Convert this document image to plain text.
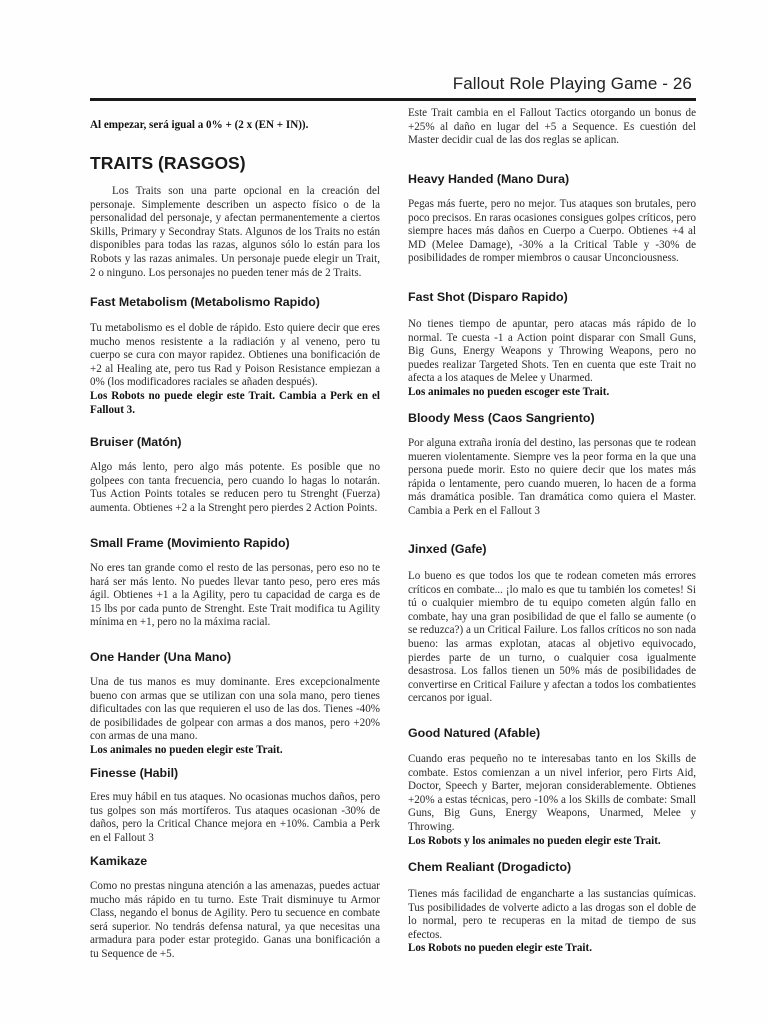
Fallout Role Playing Game - 26

Al empezar, será igual a 0% + (2 x (EN + IN)).

TRAITS (RASGOS)

Los Traits son una parte opcional en la creación del personaje. Simplemente describen un aspecto físico o de la personalidad del personaje, y afectan permanentemente a ciertos Skills, Primary y Secondray Stats. Algunos de los Traits no están disponibles para todas las razas, algunos sólo lo están para los Robots y las razas animales. Un personaje puede elegir un Trait, 2 o ninguno. Los personajes no pueden tener más de 2 Traits.

Fast Metabolism (Metabolismo Rapido)

Tu metabolismo es el doble de rápido. Esto quiere decir que eres mucho menos resistente a la radiación y al veneno, pero tu cuerpo se cura con mayor rapidez. Obtienes una bonificación de +2 al Healing ate, pero tus Rad y Poison Resistance empiezan a 0% (los modificadores raciales se añaden después).

Los Robots no puede elegir este Trait. Cambia a Perk en el Fallout 3.

Bruiser (Matón)

Algo más lento, pero algo más potente. Es posible que no golpees con tanta frecuencia, pero cuando lo hagas lo notarán. Tus Action Points totales se reducen pero tu Strenght (Fuerza) aumenta. Obtienes +2 a la Strenght pero pierdes 2 Action Points.

Small Frame (Movimiento Rapido)

No eres tan grande como el resto de las personas, pero eso no te hará ser más lento. No puedes llevar tanto peso, pero eres más ágil. Obtienes +1 a la Agility, pero tu capacidad de carga es de 15 lbs por cada punto de Strenght. Este Trait modifica tu Agility mínima en +1, pero no la máxima racial.

One Hander (Una Mano)

Una de tus manos es muy dominante. Eres excepcionalmente bueno con armas que se utilizan con una sola mano, pero tienes dificultades con las que requieren el uso de las dos. Tienes -40% de posibilidades de golpear con armas a dos manos, pero +20% con armas de una mano.

Los animales no pueden elegir este Trait.

Finesse (Habil)

Eres muy hábil en tus ataques. No ocasionas muchos daños, pero tus golpes son más mortíferos. Tus ataques ocasionan -30% de daños, pero la Critical Chance mejora en +10%. Cambia a Perk en el Fallout 3

Kamikaze

Como no prestas ninguna atención a las amenazas, puedes actuar mucho más rápido en tu turno. Este Trait disminuye tu Armor Class, negando el bonus de Agility. Pero tu secuence en combate será superior. No tendrás defensa natural, ya que necesitas una armadura para poder estar protegido. Ganas una bonificación a tu Sequence de +5.

Este Trait cambia en el Fallout Tactics otorgando un bonus de +25% al daño en lugar del +5 a Sequence. Es cuestión del Master decidir cual de las dos reglas se aplican.

Heavy Handed (Mano Dura)

Pegas más fuerte, pero no mejor. Tus ataques son brutales, pero poco precisos. En raras ocasiones consigues golpes críticos, pero siempre haces más daños en Cuerpo a Cuerpo. Obtienes +4 al MD (Melee Damage), -30% a la Critical Table y -30% de posibilidades de romper miembros o causar Unconciousness.

Fast Shot (Disparo Rapido)

No tienes tiempo de apuntar, pero atacas más rápido de lo normal. Te cuesta -1 a Action point disparar con Small Guns, Big Guns, Energy Weapons y Throwing Weapons, pero no puedes realizar Targeted Shots. Ten en cuenta que este Trait no afecta a los ataques de Melee y Unarmed.

Los animales no pueden escoger este Trait.

Bloody Mess (Caos Sangriento)

Por alguna extraña ironía del destino, las personas que te rodean mueren violentamente. Siempre ves la peor forma en la que una persona puede morir. Esto no quiere decir que los mates más rápida o lentamente, pero cuando mueren, lo hacen de a forma más dramática posible. Tan dramática como quiera el Master. Cambia a Perk en el Fallout 3

Jinxed (Gafe)

Lo bueno es que todos los que te rodean cometen más errores críticos en combate... ¡lo malo es que tu también los cometes! Si tú o cualquier miembro de tu equipo cometen algún fallo en combate, hay una gran posibilidad de que el fallo se aumente (o se reduzca?) a un Critical Failure. Los fallos críticos no son nada bueno: las armas explotan, atacas al objetivo equivocado, pierdes parte de un turno, o cualquier cosa igualmente desastrosa. Los fallos tienen un 50% más de posibilidades de convertirse en Critical Failure y afectan a todos los combatientes cercanos por igual.

Good Natured (Afable)

Cuando eras pequeño no te interesabas tanto en los Skills de combate. Estos comienzan a un nivel inferior, pero Firts Aid, Doctor, Speech y Barter, mejoran considerablemente. Obtienes +20% a estas técnicas, pero -10% a los Skills de combate: Small Guns, Big Guns, Energy Weapons, Unarmed, Melee y Throwing.

Los Robots y los animales no pueden elegir este Trait.

Chem Realiant (Drogadicto)

Tienes más facilidad de engancharte a las sustancias químicas. Tus posibilidades de volverte adicto a las drogas son el doble de lo normal, pero te recuperas en la mitad de tiempo de sus efectos.

Los Robots no pueden elegir este Trait.
